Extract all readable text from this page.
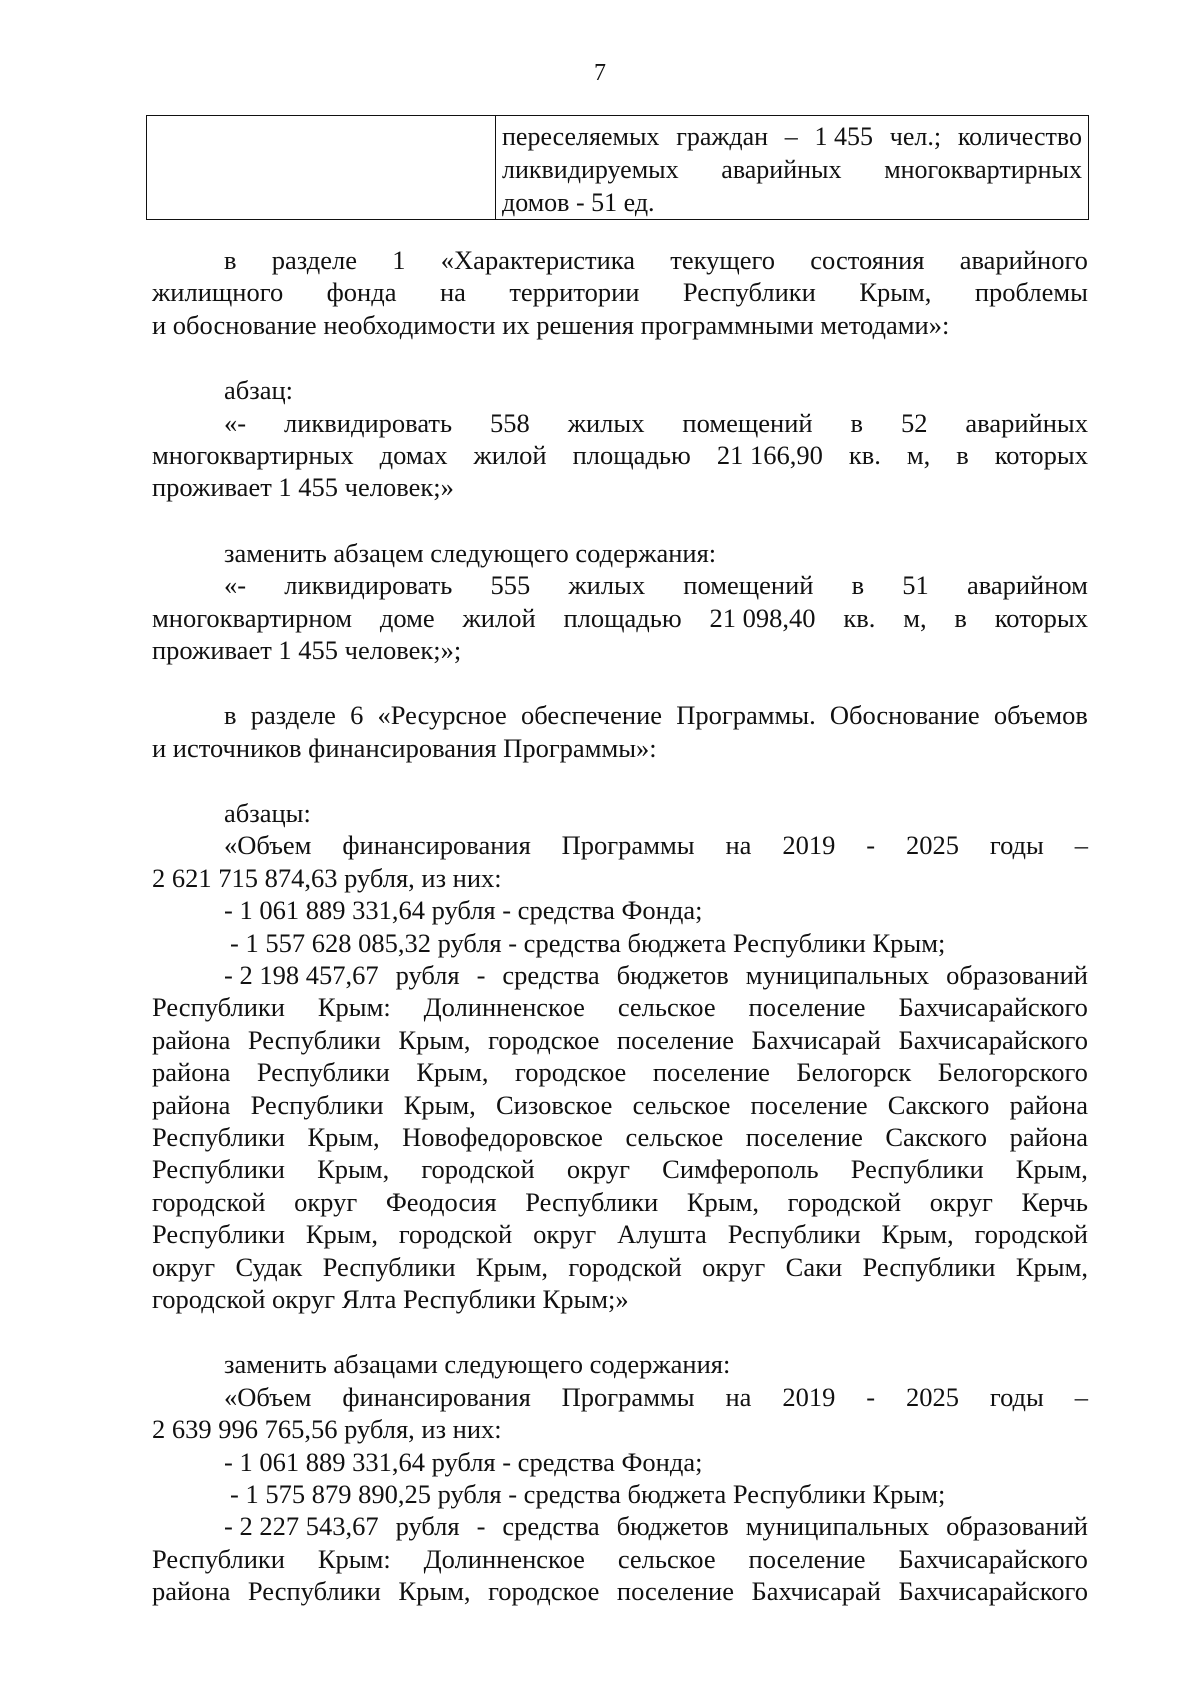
7

переселяемых граждан – 1 455 чел.; количество
ликвидируемых аварийных многоквартирных
домов - 51 ед.
в разделе 1 «Характеристика текущего состояния аварийного
жилищного фонда на территории Республики Крым, проблемы
и обоснование необходимости их решения программными методами»:
абзац:
«- ликвидировать 558 жилых помещений в 52 аварийных
многоквартирных домах жилой площадью 21 166,90 кв. м, в которых
проживает 1 455 человек;»
заменить абзацем следующего содержания:
«- ликвидировать 555 жилых помещений в 51 аварийном
многоквартирном доме жилой площадью 21 098,40 кв. м, в которых
проживает 1 455 человек;»;
в разделе 6 «Ресурсное обеспечение Программы. Обоснование объемов
и источников финансирования Программы»:
абзацы:
«Объем финансирования Программы на 2019 - 2025 годы –
2 621 715 874,63 рубля, из них:
- 1 061 889 331,64 рубля - средства Фонда;
- 1 557 628 085,32 рубля - средства бюджета Республики Крым;
- 2 198 457,67 рубля - средства бюджетов муниципальных образований
Республики Крым: Долинненское сельское поселение Бахчисарайского
района Республики Крым, городское поселение Бахчисарай Бахчисарайского
района Республики Крым, городское поселение Белогорск Белогорского
района Республики Крым, Сизовское сельское поселение Сакского района
Республики Крым, Новофедоровское сельское поселение Сакского района
Республики Крым, городской округ Симферополь Республики Крым,
городской округ Феодосия Республики Крым, городской округ Керчь
Республики Крым, городской округ Алушта Республики Крым, городской
округ Судак Республики Крым, городской округ Саки Республики Крым,
городской округ Ялта Республики Крым;»
заменить абзацами следующего содержания:
«Объем финансирования Программы на 2019 - 2025 годы –
2 639 996 765,56 рубля, из них:
- 1 061 889 331,64 рубля - средства Фонда;
- 1 575 879 890,25 рубля - средства бюджета Республики Крым;
- 2 227 543,67 рубля - средства бюджетов муниципальных образований
Республики Крым: Долинненское сельское поселение Бахчисарайского
района Республики Крым, городское поселение Бахчисарай Бахчисарайского
